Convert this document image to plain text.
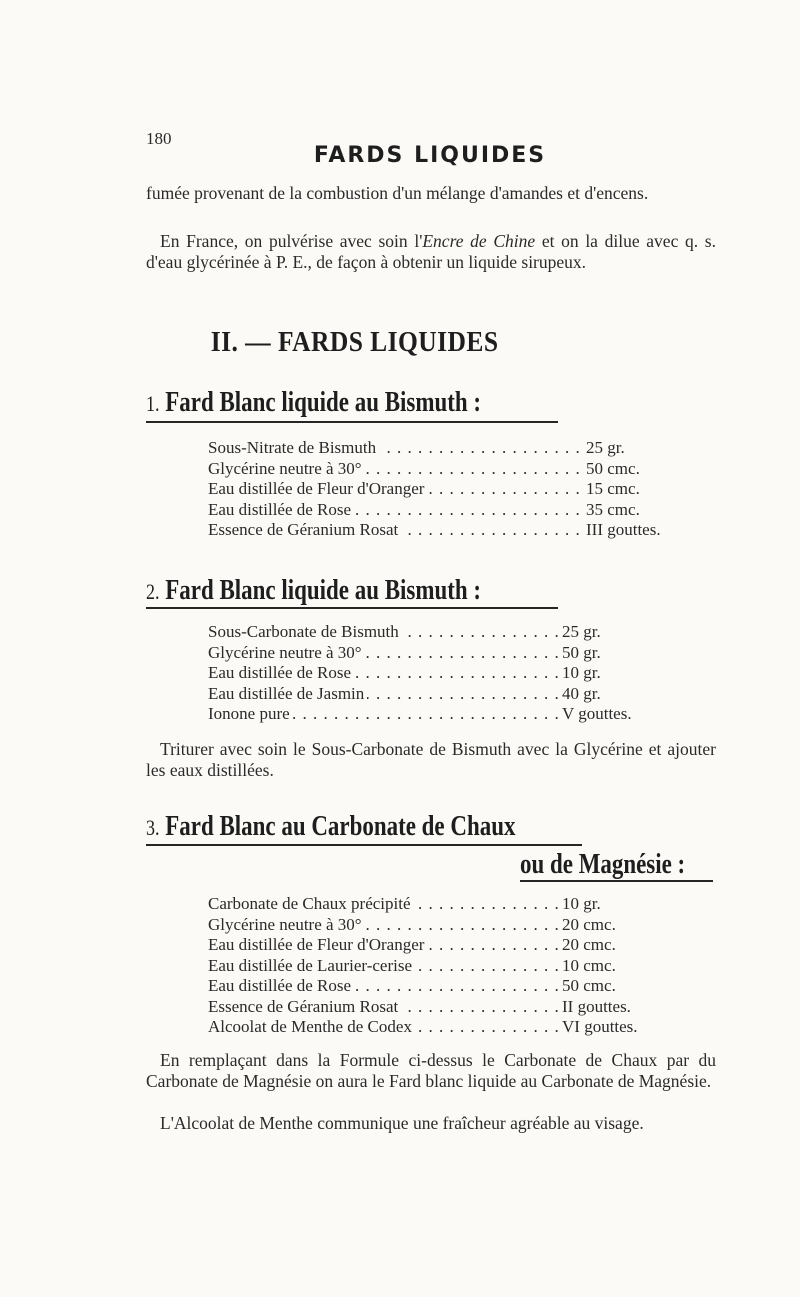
180
FARDS LIQUIDES
fumée provenant de la combustion d'un mélange d'amandes et d'encens.
En France, on pulvérise avec soin l'Encre de Chine et on la dilue avec q. s. d'eau glycérinée à P. E., de façon à obtenir un liquide sirupeux.
II. — FARDS LIQUIDES
1. Fard Blanc liquide au Bismuth :
Sous-Nitrate de Bismuth . . .	25 gr.
Glycérine neutre à 30° . . .	50 cmc.
Eau distillée de Fleur d'Oranger . . .	15 cmc.
Eau distillée de Rose . . .	35 cmc.
Essence de Géranium Rosat . . .	III gouttes.
2. Fard Blanc liquide au Bismuth :
Sous-Carbonate de Bismuth . . .	25 gr.
Glycérine neutre à 30° . . .	50 gr.
Eau distillée de Rose . . .	10 gr.
Eau distillée de Jasmin . . .	40 gr.
Ionone pure . . .	V gouttes.
Triturer avec soin le Sous-Carbonate de Bismuth avec la Glycérine et ajouter les eaux distillées.
3. Fard Blanc au Carbonate de Chaux
ou de Magnésie :
Carbonate de Chaux précipité . . .	10 gr.
Glycérine neutre à 30° . . .	20 cmc.
Eau distillée de Fleur d'Oranger . . .	20 cmc.
Eau distillée de Laurier-cerise . . .	10 cmc.
Eau distillée de Rose . . .	50 cmc.
Essence de Géranium Rosat . . .	II gouttes.
Alcoolat de Menthe de Codex . . .	VI gouttes.
En remplaçant dans la Formule ci-dessus le Carbonate de Chaux par du Carbonate de Magnésie on aura le Fard blanc liquide au Carbonate de Magnésie.
L'Alcoolat de Menthe communique une fraîcheur agréable au visage.
